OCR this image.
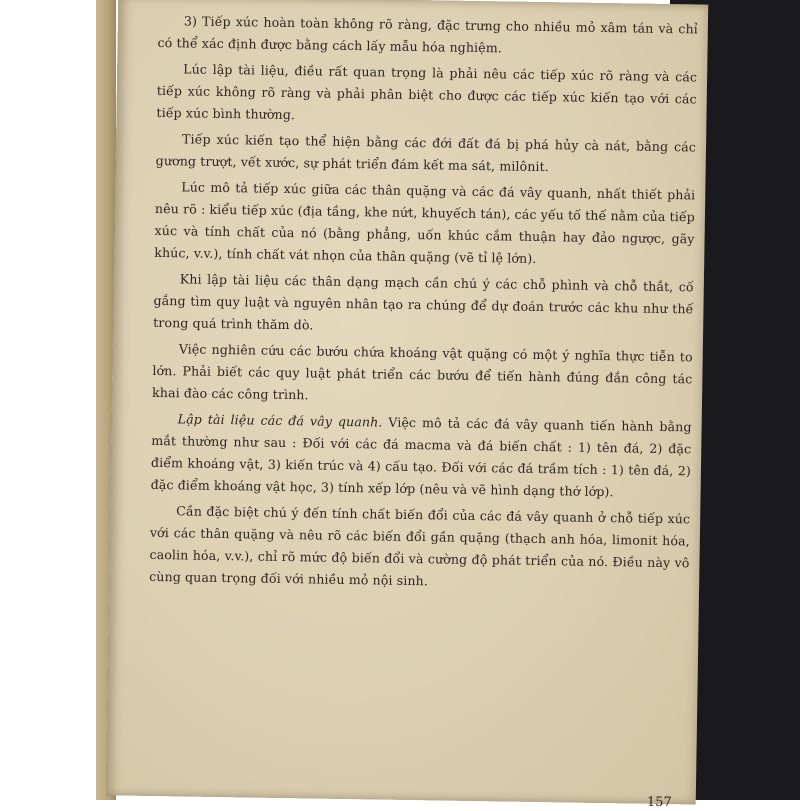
3) Tiếp xúc hoàn toàn không rõ ràng, đặc trưng cho nhiều mỏ xâm tán và chỉ có thể xác định được bằng cách lấy mẫu hóa nghiệm.

Lúc lập tài liệu, điều rất quan trọng là phải nêu các tiếp xúc rõ ràng và các tiếp xúc không rõ ràng và phải phân biệt cho được các tiếp xúc kiến tạo với các tiếp xúc bình thường.

Tiếp xúc kiến tạo thể hiện bằng các đới đất đá bị phá hủy cà nát, bằng các gương trượt, vết xước, sự phát triển đám kết ma sát, milônit.

Lúc mô tả tiếp xúc giữa các thân quặng và các đá vây quanh, nhất thiết phải nêu rõ : kiểu tiếp xúc (địa tầng, khe nứt, khuyếch tán), các yếu tố thế nằm của tiếp xúc và tính chất của nó (bằng phẳng, uốn khúc cắm thuận hay đảo ngược, gãy khúc, v.v.), tính chất vát nhọn của thân quặng (vẽ tỉ lệ lớn).

Khi lập tài liệu các thân dạng mạch cần chú ý các chỗ phình và chỗ thắt, cố gắng tìm quy luật và nguyên nhân tạo ra chúng để dự đoán trước các khu như thế trong quá trình thăm dò.

Việc nghiên cứu các bướu chứa khoáng vật quặng có một ý nghĩa thực tiễn to lớn. Phải biết các quy luật phát triển các bướu để tiến hành đúng đắn công tác khai đào các công trình.

Lập tài liệu các đá vây quanh. Việc mô tả các đá vây quanh tiến hành bằng mắt thường như sau : Đối với các đá macma và đá biến chất : 1) tên đá, 2) đặc điểm khoáng vật, 3) kiến trúc và 4) cấu tạo. Đối với các đá trầm tích : 1) tên đá, 2) đặc điểm khoáng vật học, 3) tính xếp lớp (nêu và vẽ hình dạng thớ lớp).

Cần đặc biệt chú ý đến tính chất biến đổi của các đá vây quanh ở chỗ tiếp xúc với các thân quặng và nêu rõ các biến đổi gần quặng (thạch anh hóa, limonit hóa, caolin hóa, v.v.), chỉ rõ mức độ biến đổi và cường độ phát triển của nó. Điều này vô cùng quan trọng đối với nhiều mỏ nội sinh.

157
